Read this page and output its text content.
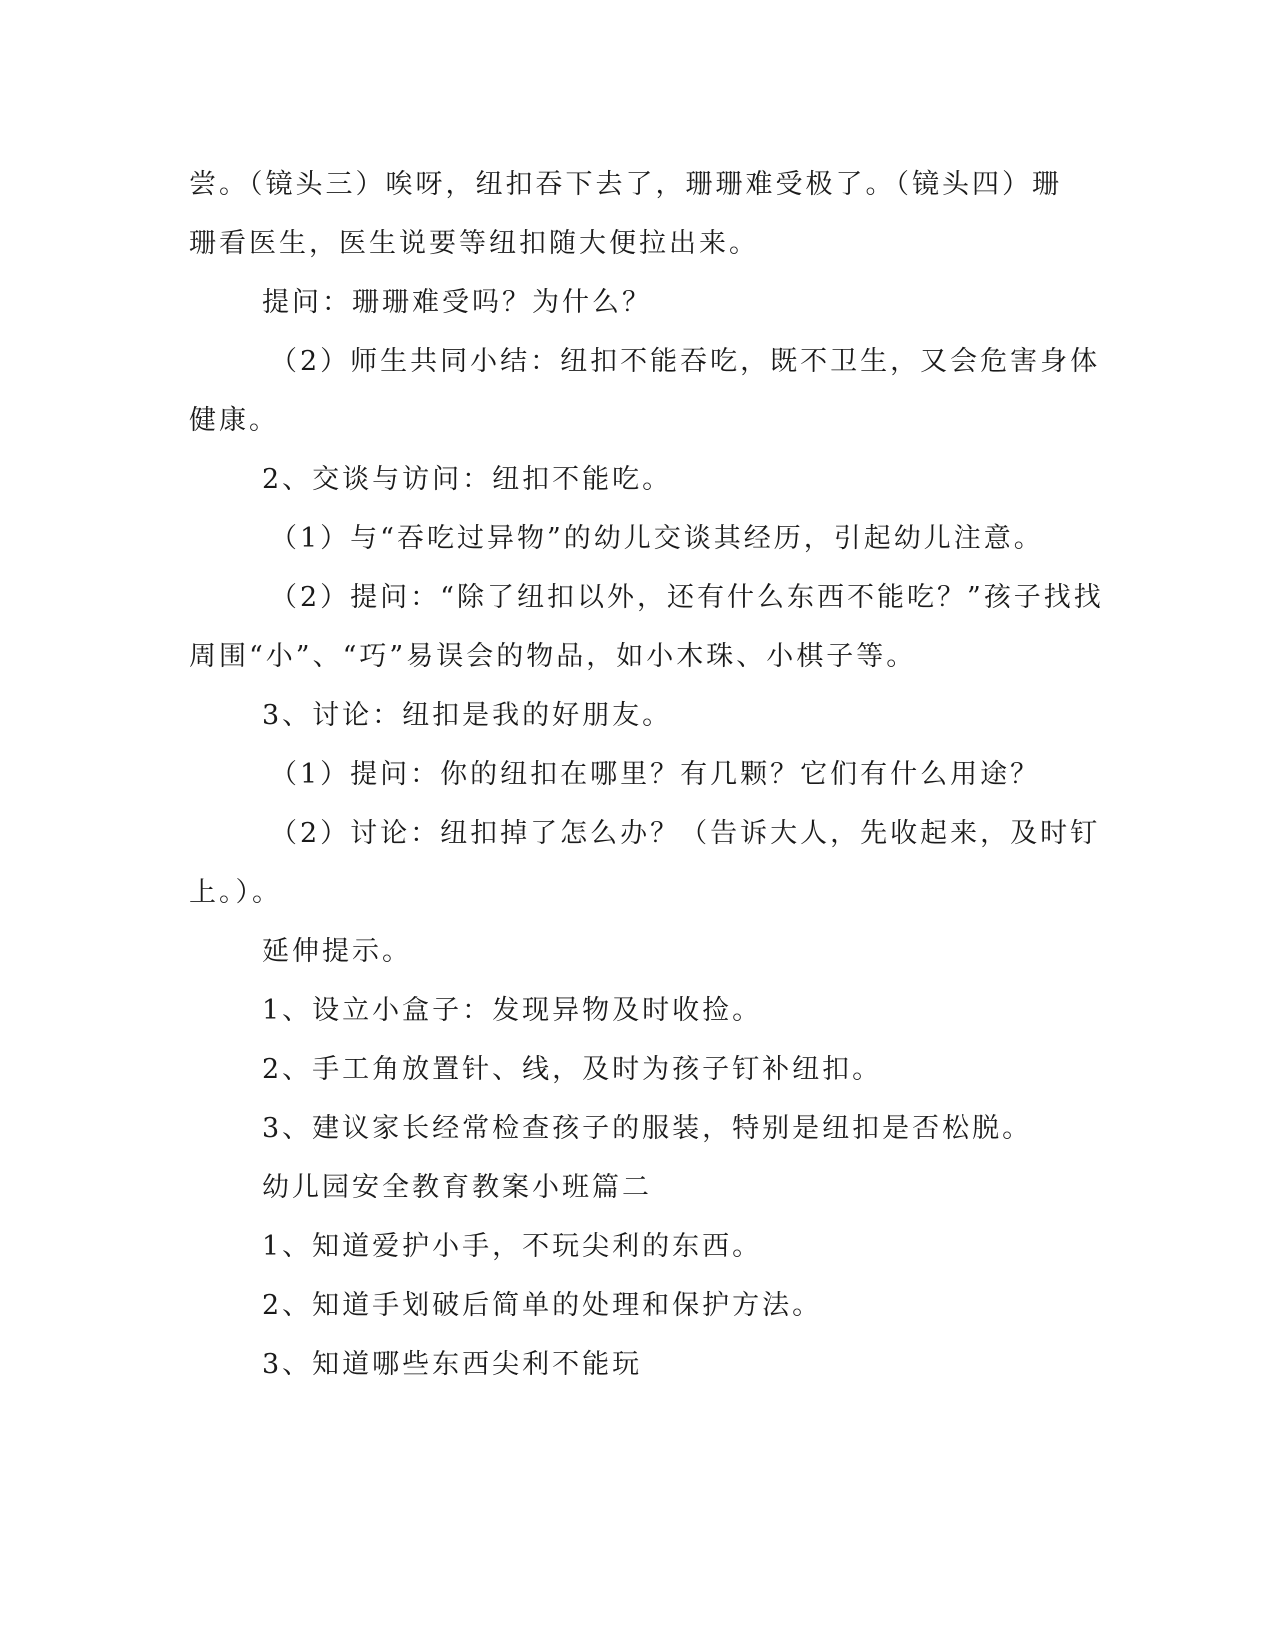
尝。（镜头三）唉呀，纽扣吞下去了，珊珊难受极了。（镜头四）珊
珊看医生，医生说要等纽扣随大便拉出来。
提问：珊珊难受吗？为什么？
（2）师生共同小结：纽扣不能吞吃，既不卫生，又会危害身体
健康。
2、交谈与访问：纽扣不能吃。
（1）与“吞吃过异物”的幼儿交谈其经历，引起幼儿注意。
（2）提问：“除了纽扣以外，还有什么东西不能吃？”孩子找找
周围“小”、“巧”易误会的物品，如小木珠、小棋子等。
3、讨论：纽扣是我的好朋友。
（1）提问：你的纽扣在哪里？有几颗？它们有什么用途？
（2）讨论：纽扣掉了怎么办？（告诉大人，先收起来，及时钉
上。）。
延伸提示。
1、设立小盒子：发现异物及时收捡。
2、手工角放置针、线，及时为孩子钉补纽扣。
3、建议家长经常检查孩子的服装，特别是纽扣是否松脱。
幼儿园安全教育教案小班篇二
1、知道爱护小手，不玩尖利的东西。
2、知道手划破后简单的处理和保护方法。
3、知道哪些东西尖利不能玩
